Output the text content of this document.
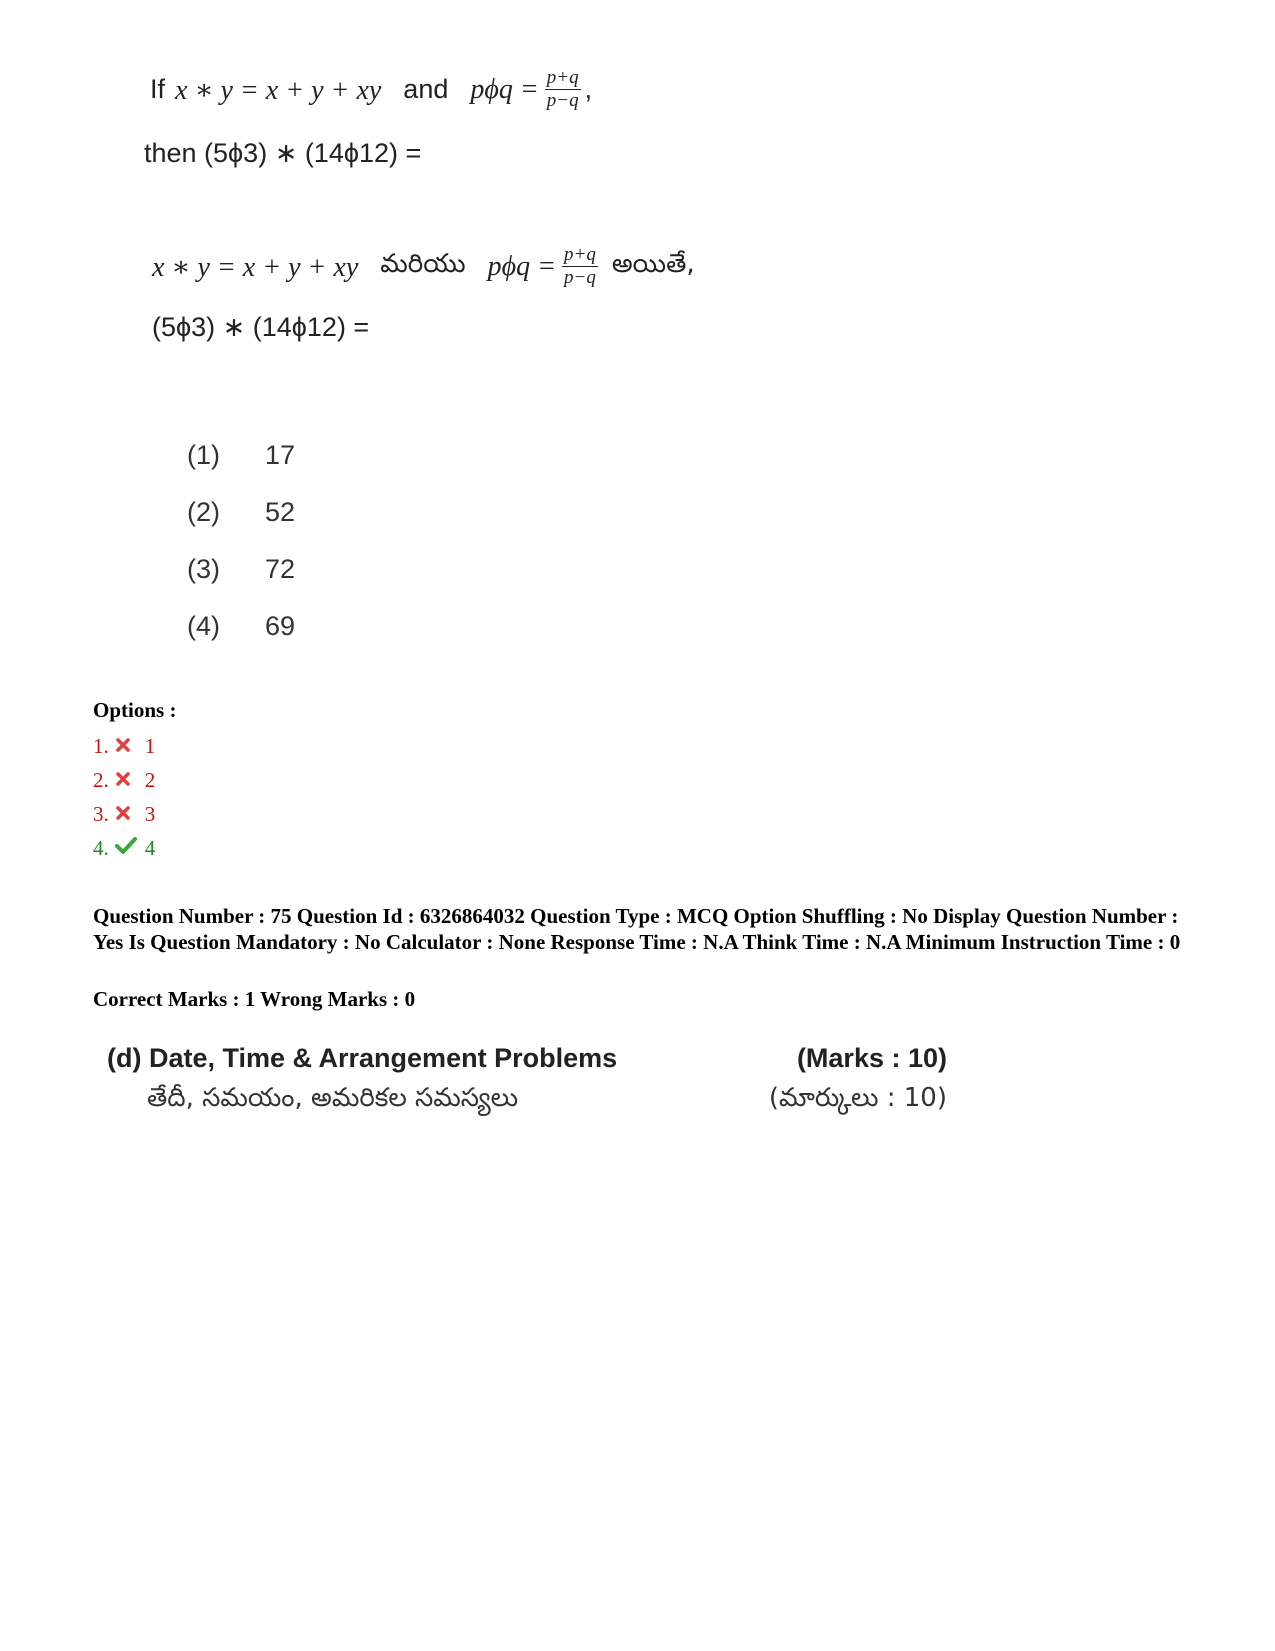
If x ∗ y = x + y + xy and $p\phi q = \frac{p+q}{p-q}$ ,
then (5ϕ3) ∗ (14ϕ12) =
x ∗ y = x + y + xy మరియు $p\phi q = \frac{p+q}{p-q}$ అయితే,
(5ϕ3) ∗ (14ϕ12) =
(1) 17
(2) 52
(3) 72
(4) 69
Options :
1. 1
2. 2
3. 3
4. 4
Question Number : 75 Question Id : 6326864032 Question Type : MCQ Option Shuffling : No Display Question Number : Yes Is Question Mandatory : No Calculator : None Response Time : N.A Think Time : N.A Minimum Instruction Time : 0
Correct Marks : 1 Wrong Marks : 0
(d) Date, Time & Arrangement Problems	(Marks : 10)
తేదీ, సమయం, అమరికల సమస్యలు	(మార్కులు : 10)
